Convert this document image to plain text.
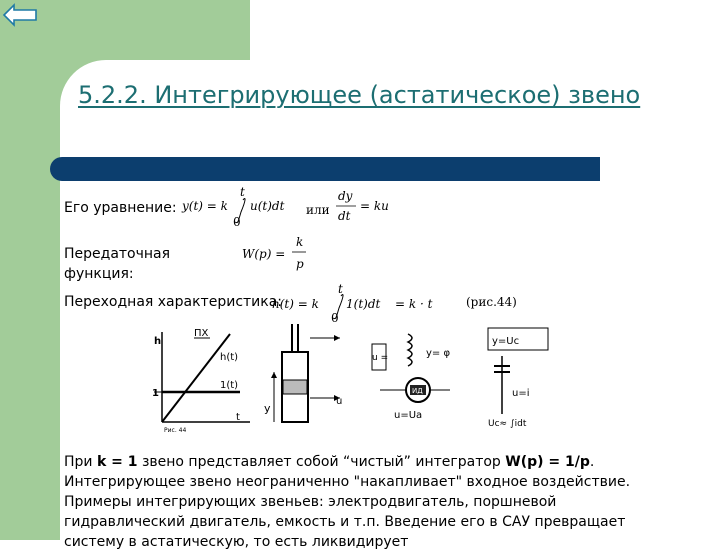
5.2.2. Интегрирующее (астатическое) звено
Его уравнение: y(t) = k
t
0
u(t)dt или
dy
dt
= ku
Передаточная
функция:
W(p) =
k
p
h(t) = k
t
0
1(t)dt = k · t
Переходная характеристика:	(рис.44)
h
ПХ
h(t)
1(t)
1
t
Рис. 44
y
u
u =	y= φ
ИД
u=Uа
y=Uc
u=i
Uc≈ ∫idt

При k = 1 звено представляет собой “чистый” интегратор W(p) = 1/p. Интегрирующее звено неограниченно "накапливает" входное воздействие. Примеры интегрирующих звеньев: электродвигатель, поршневой гидравлический двигатель, емкость и т.п. Введение его в САУ превращает систему в астатическую, то есть ликвидирует
